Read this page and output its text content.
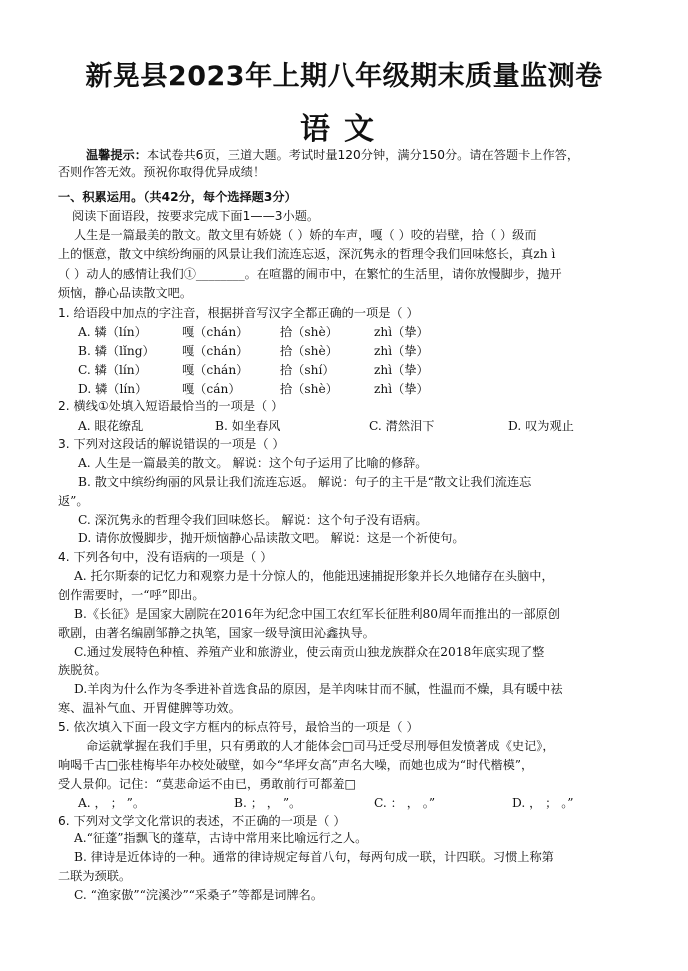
新晃县2023年上期八年级期末质量监测卷
语文
温馨提示：本试卷共6页，三道大题。考试时量120分钟，满分150分。请在答题卡上作答，
否则作答无效。预祝你取得优异成绩！
一、积累运用。（共42分，每个选择题3分）
阅读下面语段，按要求完成下面1——3小题。
人生是一篇最美的散文。散文里有娇娆（ ）娇的车声，嘎（ ）咬的岩壁，拾（ ）级而
上的惬意，散文中缤纷绚丽的风景让我们流连忘返，深沉隽永的哲理令我们回味悠长，真zh ì
（ ）动人的感情让我们①________。在喧嚣的闹市中，在繁忙的生活里，请你放慢脚步，抛开
烦恼，静心品读散文吧。
1. 给语段中加点的字注音，根据拼音写汉字全都正确的一项是（ ）
A. 辚（lín）	嘎（chán）	拾（shè）	zhì（挚）
B. 辚（lǐng） 嘎（chán）	拾（shè）	zhì（挚）
C. 辚（lín）	嘎（chán）	拾（shí）	zhì（挚）
D. 辚（lín）	嘎（cán）	拾（shè）	zhì（挚）
2. 横线①处填入短语最恰当的一项是（ ）
A. 眼花缭乱	B. 如坐春风	C. 潸然泪下	D. 叹为观止
3. 下列对这段话的解说错误的一项是（ ）
A. 人生是一篇最美的散文。 解说：这个句子运用了比喻的修辞。
B. 散文中缤纷绚丽的风景让我们流连忘返。 解说：句子的主干是“散文让我们流连忘
返”。
C. 深沉隽永的哲理令我们回味悠长。 解说：这个句子没有语病。
D. 请你放慢脚步，抛开烦恼静心品读散文吧。 解说：这是一个祈使句。
4. 下列各句中，没有语病的一项是（ ）
A. 托尔斯泰的记忆力和观察力是十分惊人的，他能迅速捕捉形象并长久地储存在头脑中，
创作需要时，一“呼”即出。
B.《长征》是国家大剧院在2016年为纪念中国工农红军长征胜利80周年而推出的一部原创
歌剧，由著名编剧邹静之执笔，国家一级导演田沁鑫执导。
C.通过发展特色种植、养殖产业和旅游业，使云南贡山独龙族群众在2018年底实现了整
族脱贫。
D.羊肉为什么作为冬季进补首选食品的原因，是羊肉味甘而不腻，性温而不燥，具有暖中祛
寒、温补气血、开胃健脾等功效。
5. 依次填入下面一段文字方框内的标点符号，最恰当的一项是（ ）
命运就掌握在我们手里，只有勇敢的人才能体会□司马迁受尽刑辱但发愤著成《史记》，
响喝千古□张桂梅毕年办校处破壁，如今“华坪女高”声名大噪，而她也成为“时代楷模”，
受人景仰。记住：“莫悲命运不由已，勇敢前行可都羞□
A. ， ； ”。	B. ； ， ”。	C. ： ， 。”	D. ， ； 。”
6. 下列对文学文化常识的表述，不正确的一项是（ ）
A.“征蓬”指飘飞的蓬草，古诗中常用来比喻远行之人。
B. 律诗是近体诗的一种。通常的律诗规定每首八句，每两句成一联，计四联。习惯上称第
二联为颈联。
C. “渔家傲”“浣溪沙”“采桑子”等都是词牌名。
